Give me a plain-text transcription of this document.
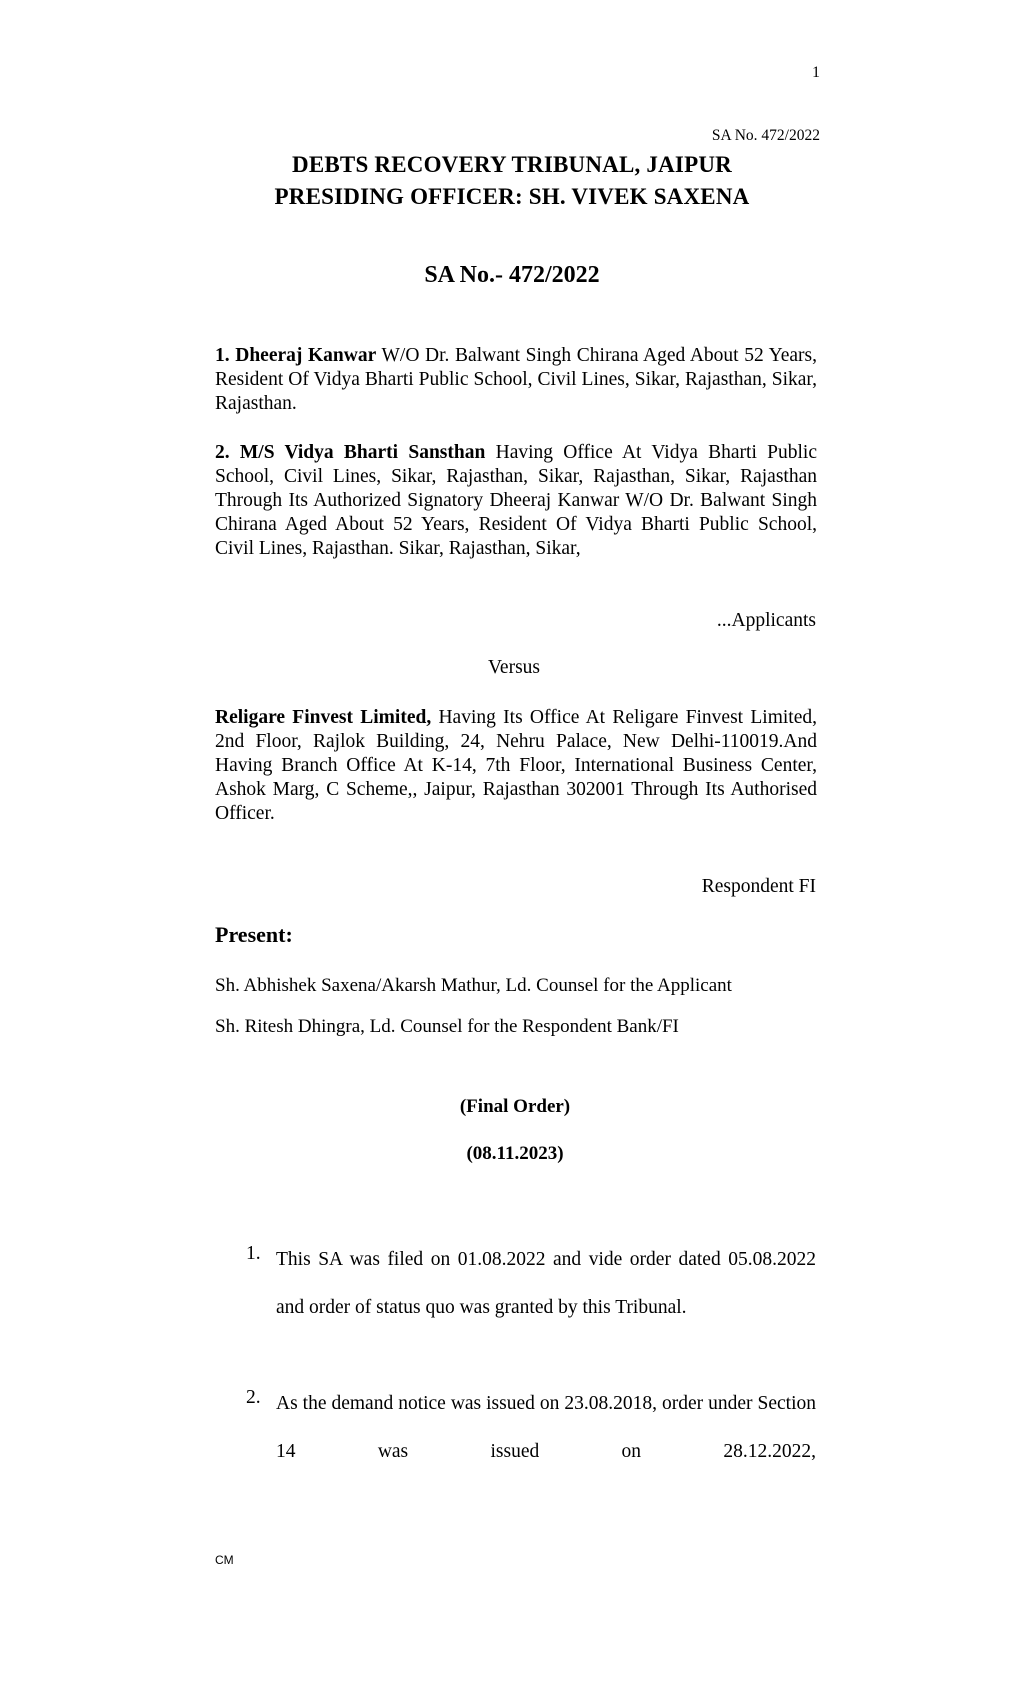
1
SA No. 472/2022
DEBTS RECOVERY TRIBUNAL, JAIPUR
PRESIDING OFFICER: SH. VIVEK SAXENA
SA No.- 472/2022
1. Dheeraj Kanwar W/O Dr. Balwant Singh Chirana Aged About 52 Years, Resident Of Vidya Bharti Public School, Civil Lines, Sikar, Rajasthan, Sikar, Rajasthan.
2. M/S Vidya Bharti Sansthan Having Office At Vidya Bharti Public School, Civil Lines, Sikar, Rajasthan, Sikar, Rajasthan, Sikar, Rajasthan Through Its Authorized Signatory Dheeraj Kanwar W/O Dr. Balwant Singh Chirana Aged About 52 Years, Resident Of Vidya Bharti Public School, Civil Lines, Rajasthan. Sikar, Rajasthan, Sikar,
...Applicants
Versus
Religare Finvest Limited, Having Its Office At Religare Finvest Limited, 2nd Floor, Rajlok Building, 24, Nehru Palace, New Delhi-110019.And Having Branch Office At K-14, 7th Floor, International Business Center, Ashok Marg, C Scheme,, Jaipur, Rajasthan 302001 Through Its Authorised Officer.
Respondent FI
Present:
Sh. Abhishek Saxena/Akarsh Mathur, Ld. Counsel for the Applicant
Sh. Ritesh Dhingra, Ld. Counsel for the Respondent Bank/FI
(Final Order)
(08.11.2023)
1. This SA was filed on 01.08.2022 and vide order dated 05.08.2022 and order of status quo was granted by this Tribunal.
2. As the demand notice was issued on 23.08.2018, order under Section 14 was issued on 28.12.2022,
CM
